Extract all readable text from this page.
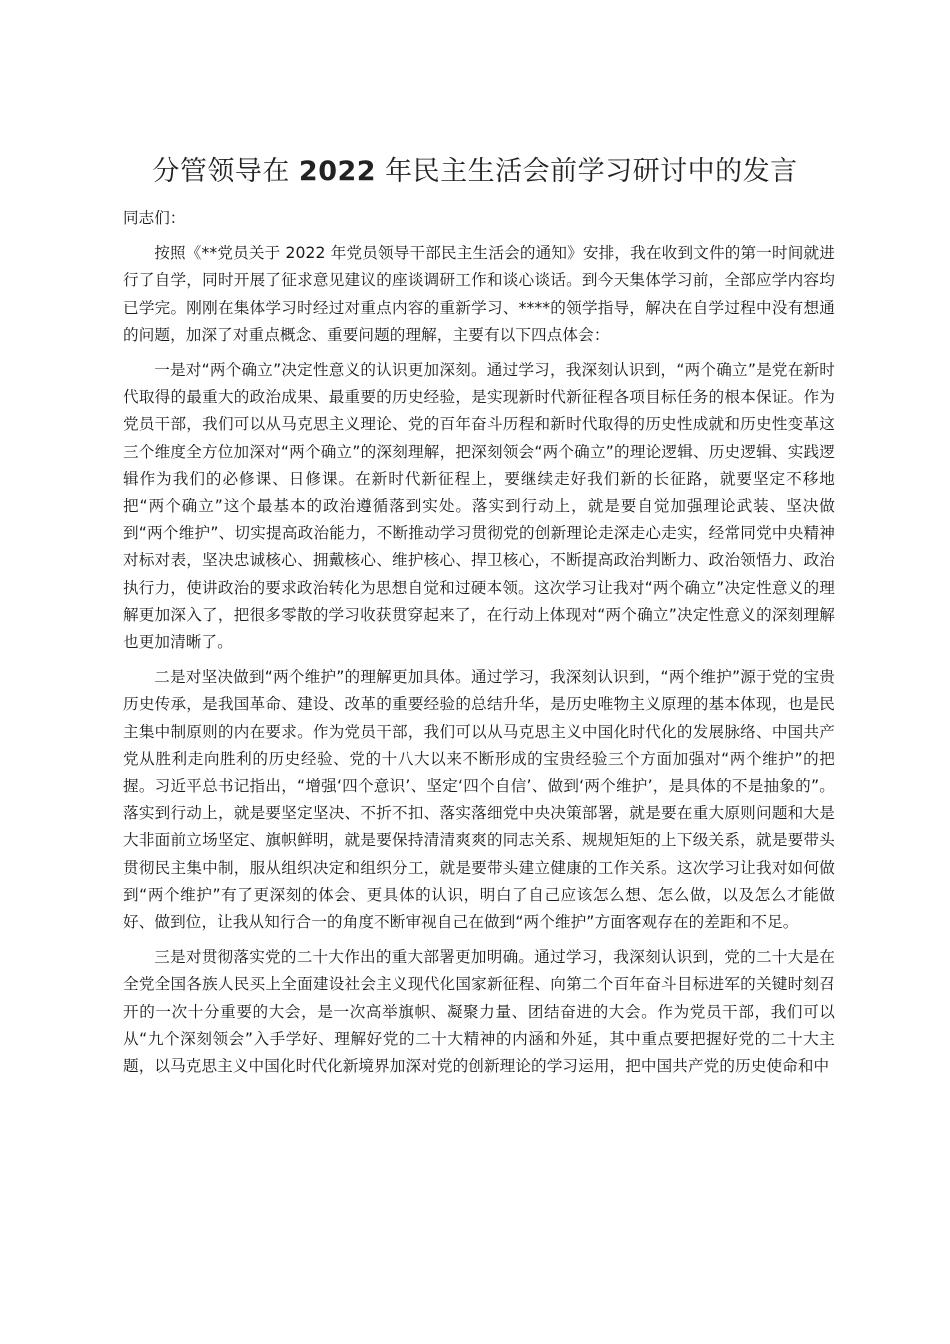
分管领导在 2022 年民主生活会前学习研讨中的发言

同志们：

按照《**党员关于 2022 年党员领导干部民主生活会的通知》安排，我在收到文件的第一时间就进行了自学，同时开展了征求意见建议的座谈调研工作和谈心谈话。到今天集体学习前，全部应学内容均已学完。刚刚在集体学习时经过对重点内容的重新学习、****的领学指导，解决在自学过程中没有想通的问题，加深了对重点概念、重要问题的理解，主要有以下四点体会：

一是对“两个确立”决定性意义的认识更加深刻。通过学习，我深刻认识到，“两个确立”是党在新时代取得的最重大的政治成果、最重要的历史经验，是实现新时代新征程各项目标任务的根本保证。作为党员干部，我们可以从马克思主义理论、党的百年奋斗历程和新时代取得的历史性成就和历史性变革这三个维度全方位加深对“两个确立”的深刻理解，把深刻领会“两个确立”的理论逻辑、历史逻辑、实践逻辑作为我们的必修课、日修课。在新时代新征程上，要继续走好我们新的长征路，就要坚定不移地把“两个确立”这个最基本的政治遵循落到实处。落实到行动上，就是要自觉加强理论武装、坚决做到“两个维护”、切实提高政治能力，不断推动学习贯彻党的创新理论走深走心走实，经常同党中央精神对标对表，坚决忠诚核心、拥戴核心、维护核心、捍卫核心，不断提高政治判断力、政治领悟力、政治执行力，使讲政治的要求政治转化为思想自觉和过硬本领。这次学习让我对“两个确立”决定性意义的理解更加深入了，把很多零散的学习收获贯穿起来了，在行动上体现对“两个确立”决定性意义的深刻理解也更加清晰了。

二是对坚决做到“两个维护”的理解更加具体。通过学习，我深刻认识到，“两个维护”源于党的宝贵历史传承，是我国革命、建设、改革的重要经验的总结升华，是历史唯物主义原理的基本体现，也是民主集中制原则的内在要求。作为党员干部，我们可以从马克思主义中国化时代化的发展脉络、中国共产党从胜利走向胜利的历史经验、党的十八大以来不断形成的宝贵经验三个方面加强对“两个维护”的把握。习近平总书记指出，“增强‘四个意识’、坚定‘四个自信’、做到‘两个维护’，是具体的不是抽象的”。落实到行动上，就是要坚定坚决、不折不扣、落实落细党中央决策部署，就是要在重大原则问题和大是大非面前立场坚定、旗帜鲜明，就是要保持清清爽爽的同志关系、规规矩矩的上下级关系，就是要带头贯彻民主集中制，服从组织决定和组织分工，就是要带头建立健康的工作关系。这次学习让我对如何做到“两个维护”有了更深刻的体会、更具体的认识，明白了自己应该怎么想、怎么做，以及怎么才能做好、做到位，让我从知行合一的角度不断审视自己在做到“两个维护”方面客观存在的差距和不足。

三是对贯彻落实党的二十大作出的重大部署更加明确。通过学习，我深刻认识到，党的二十大是在全党全国各族人民买上全面建设社会主义现代化国家新征程、向第二个百年奋斗目标进军的关键时刻召开的一次十分重要的大会，是一次高举旗帜、凝聚力量、团结奋进的大会。作为党员干部，我们可以从“九个深刻领会”入手学好、理解好党的二十大精神的内涵和外延，其中重点要把握好党的二十大主题，以马克思主义中国化时代化新境界加深对党的创新理论的学习运用，把中国共产党的历史使命和中
